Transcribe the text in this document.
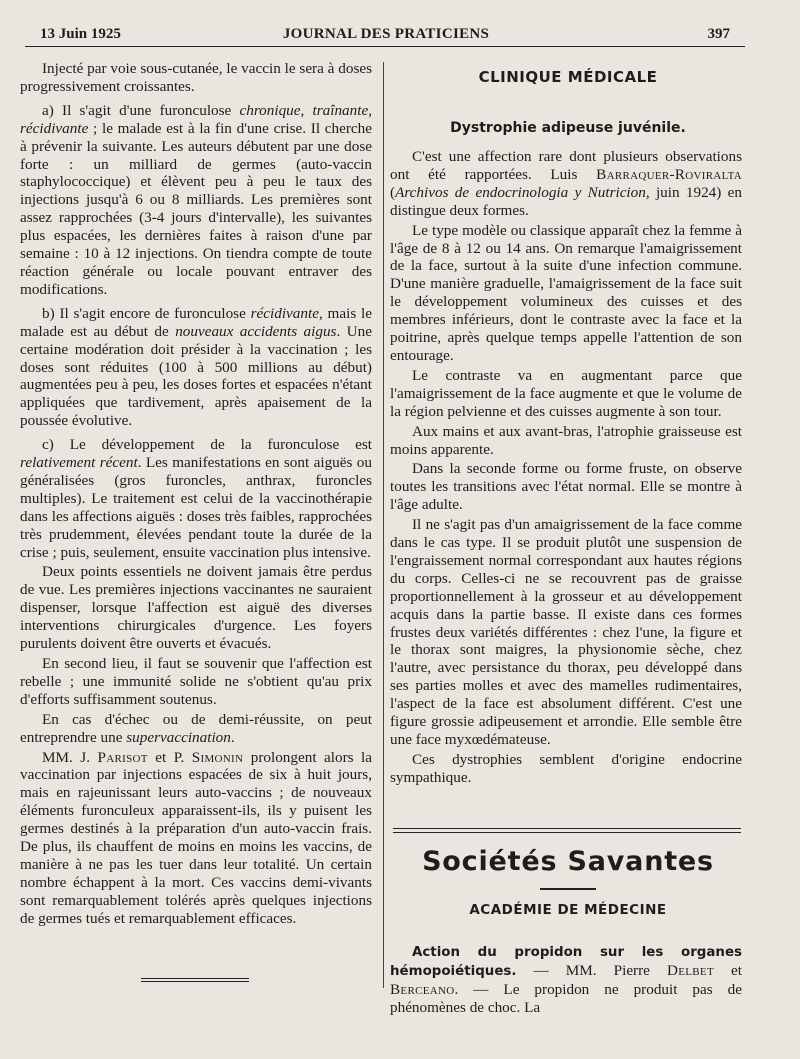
13 Juin 1925	JOURNAL DES PRATICIENS	397

Injecté par voie sous-cutanée, le vaccin le sera à doses progressivement croissantes.

a) Il s'agit d'une furonculose chronique, traînante, récidivante ; le malade est à la fin d'une crise. Il cherche à prévenir la suivante. Les auteurs débutent par une dose forte : un milliard de germes (auto-vaccin staphylococcique) et élèvent peu à peu le taux des injections jusqu'à 6 ou 8 milliards. Les premières sont assez rapprochées (3-4 jours d'intervalle), les suivantes plus espacées, les dernières faites à raison d'une par semaine : 10 à 12 injections. On tiendra compte de toute réaction générale ou locale pouvant entraver des modifications.

b) Il s'agit encore de furonculose récidivante, mais le malade est au début de nouveaux accidents aigus. Une certaine modération doit présider à la vaccination ; les doses sont réduites (100 à 500 millions au début) augmentées peu à peu, les doses fortes et espacées n'étant appliquées que tardivement, après apaisement de la poussée évolutive.

c) Le développement de la furonculose est relativement récent. Les manifestations en sont aiguës ou généralisées (gros furoncles, anthrax, furoncles multiples). Le traitement est celui de la vaccinothérapie dans les affections aiguës : doses très faibles, rapprochées très prudemment, élevées pendant toute la durée de la crise ; puis, seulement, ensuite vaccination plus intensive.

Deux points essentiels ne doivent jamais être perdus de vue. Les premières injections vaccinantes ne sauraient dispenser, lorsque l'affection est aiguë des diverses interventions chirurgicales d'urgence. Les foyers purulents doivent être ouverts et évacués.

En second lieu, il faut se souvenir que l'affection est rebelle ; une immunité solide ne s'obtient qu'au prix d'efforts suffisamment soutenus.

En cas d'échec ou de demi-réussite, on peut entreprendre une supervaccination.

MM. J. Parisot et P. Simonin prolongent alors la vaccination par injections espacées de six à huit jours, mais en rajeunissant leurs auto-vaccins ; de nouveaux éléments furonculeux apparaissent-ils, ils y puisent les germes destinés à la préparation d'un auto-vaccin frais. De plus, ils chauffent de moins en moins les vaccins, de manière à ne pas les tuer dans leur totalité. Un certain nombre échappent à la mort. Ces vaccins demi-vivants sont remarquablement tolérés après quelques injections de germes tués et remarquablement efficaces.

CLINIQUE MÉDICALE
Dystrophie adipeuse juvénile.

C'est une affection rare dont plusieurs observations ont été rapportées. Luis Barraquer-Roviralta (Archivos de endocrinologia y Nutricion, juin 1924) en distingue deux formes.

Le type modèle ou classique apparaît chez la femme à l'âge de 8 à 12 ou 14 ans. On remarque l'amaigrissement de la face, surtout à la suite d'une infection commune. D'une manière graduelle, l'amaigrissement de la face suit le développement volumineux des cuisses et des membres inférieurs, dont le contraste avec la face et la poitrine, après quelque temps appelle l'attention de son entourage.

Le contraste va en augmentant parce que l'amaigrissement de la face augmente et que le volume de la région pelvienne et des cuisses augmente à son tour.

Aux mains et aux avant-bras, l'atrophie graisseuse est moins apparente.

Dans la seconde forme ou forme fruste, on observe toutes les transitions avec l'état normal. Elle se montre à l'âge adulte.

Il ne s'agit pas d'un amaigrissement de la face comme dans le cas type. Il se produit plutôt une suspension de l'engraissement normal correspondant aux hautes régions du corps. Celles-ci ne se recouvrent pas de graisse proportionnellement à la grosseur et au développement acquis dans la partie basse. Il existe dans ces formes frustes deux variétés différentes : chez l'une, la figure et le thorax sont maigres, la physionomie sèche, chez l'autre, avec persistance du thorax, peu développé dans ses parties molles et avec des mamelles rudimentaires, l'aspect de la face est absolument différent. C'est une figure grossie adipeusement et arrondie. Elle semble être une face myxœdémateuse.

Ces dystrophies semblent d'origine endocrine sympathique.

Sociétés Savantes
ACADÉMIE DE MÉDECINE

Action du propidon sur les organes hémopoiétiques. — MM. Pierre Delbet et Berceano. — Le propidon ne produit pas de phénomènes de choc. La
